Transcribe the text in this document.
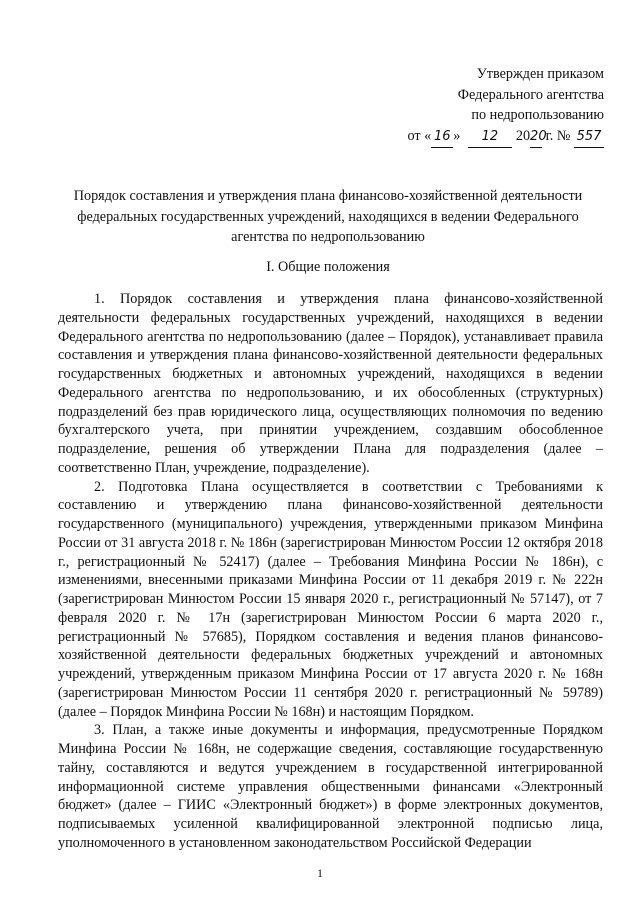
Утвержден приказом
Федерального агентства
по недропользованию
от « 16 » 12 2020 г. № 557
Порядок составления и утверждения плана финансово-хозяйственной деятельности федеральных государственных учреждений, находящихся в ведении Федерального агентства по недропользованию
I. Общие положения

1. Порядок составления и утверждения плана финансово-хозяйственной деятельности федеральных государственных учреждений, находящихся в ведении Федерального агентства по недропользованию (далее – Порядок), устанавливает правила составления и утверждения плана финансово-хозяйственной деятельности федеральных государственных бюджетных и автономных учреждений, находящихся в ведении Федерального агентства по недропользованию, и их обособленных (структурных) подразделений без прав юридического лица, осуществляющих полномочия по ведению бухгалтерского учета, при принятии учреждением, создавшим обособленное подразделение, решения об утверждении Плана для подразделения (далее – соответственно План, учреждение, подразделение).

2. Подготовка Плана осуществляется в соответствии с Требованиями к составлению и утверждению плана финансово-хозяйственной деятельности государственного (муниципального) учреждения, утвержденными приказом Минфина России от 31 августа 2018 г. № 186н (зарегистрирован Минюстом России 12 октября 2018 г., регистрационный № 52417) (далее – Требования Минфина России № 186н), с изменениями, внесенными приказами Минфина России от 11 декабря 2019 г. № 222н (зарегистрирован Минюстом России 15 января 2020 г., регистрационный № 57147), от 7 февраля 2020 г. № 17н (зарегистрирован Минюстом России 6 марта 2020 г., регистрационный № 57685), Порядком составления и ведения планов финансово-хозяйственной деятельности федеральных бюджетных учреждений и автономных учреждений, утвержденным приказом Минфина России от 17 августа 2020 г. № 168н (зарегистрирован Минюстом России 11 сентября 2020 г. регистрационный № 59789) (далее – Порядок Минфина России № 168н) и настоящим Порядком.

3. План, а также иные документы и информация, предусмотренные Порядком Минфина России № 168н, не содержащие сведения, составляющие государственную тайну, составляются и ведутся учреждением в государственной интегрированной информационной системе управления общественными финансами «Электронный бюджет» (далее – ГИИС «Электронный бюджет») в форме электронных документов, подписываемых усиленной квалифицированной электронной подписью лица, уполномоченного в установленном законодательством Российской Федерации

1
